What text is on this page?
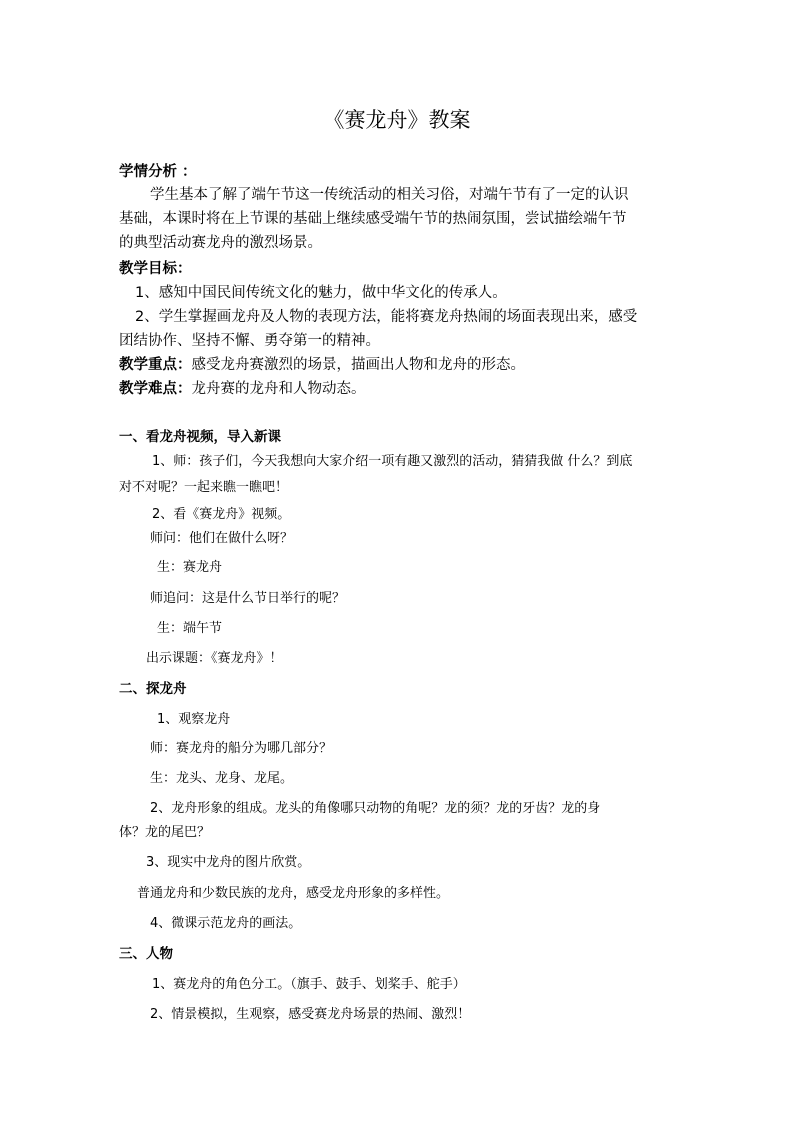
《赛龙舟》教案
学情分析 ：
学生基本了解了端午节这一传统活动的相关习俗，对端午节有了一定的认识
基础，本课时将在上节课的基础上继续感受端午节的热闹氛围，尝试描绘端午节
的典型活动赛龙舟的激烈场景。
教学目标：
1、感知中国民间传统文化的魅力，做中华文化的传承人。
2、学生掌握画龙舟及人物的表现方法，能将赛龙舟热闹的场面表现出来，感受
团结协作、坚持不懈、勇夺第一的精神。
教学重点：感受龙舟赛激烈的场景，描画出人物和龙舟的形态。
教学难点：龙舟赛的龙舟和人物动态。
一、看龙舟视频，导入新课
1、师：孩子们，今天我想向大家介绍一项有趣又激烈的活动，猜猜我做 什么？到底
对不对呢？一起来瞧一瞧吧！
2、看《赛龙舟》视频。
师问：他们在做什么呀？
生：赛龙舟
师追问：这是什么节日举行的呢？
生：端午节
出示课题：《赛龙舟》！
二、探龙舟
1、观察龙舟
师：赛龙舟的船分为哪几部分？
生：龙头、龙身、龙尾。
2、龙舟形象的组成。龙头的角像哪只动物的角呢？龙的须？龙的牙齿？龙的身
体？龙的尾巴？
3、现实中龙舟的图片欣赏。
普通龙舟和少数民族的龙舟，感受龙舟形象的多样性。
4、微课示范龙舟的画法。
三、人物
1、赛龙舟的角色分工。（旗手、鼓手、划桨手、舵手）
2、情景模拟，生观察，感受赛龙舟场景的热闹、激烈！
